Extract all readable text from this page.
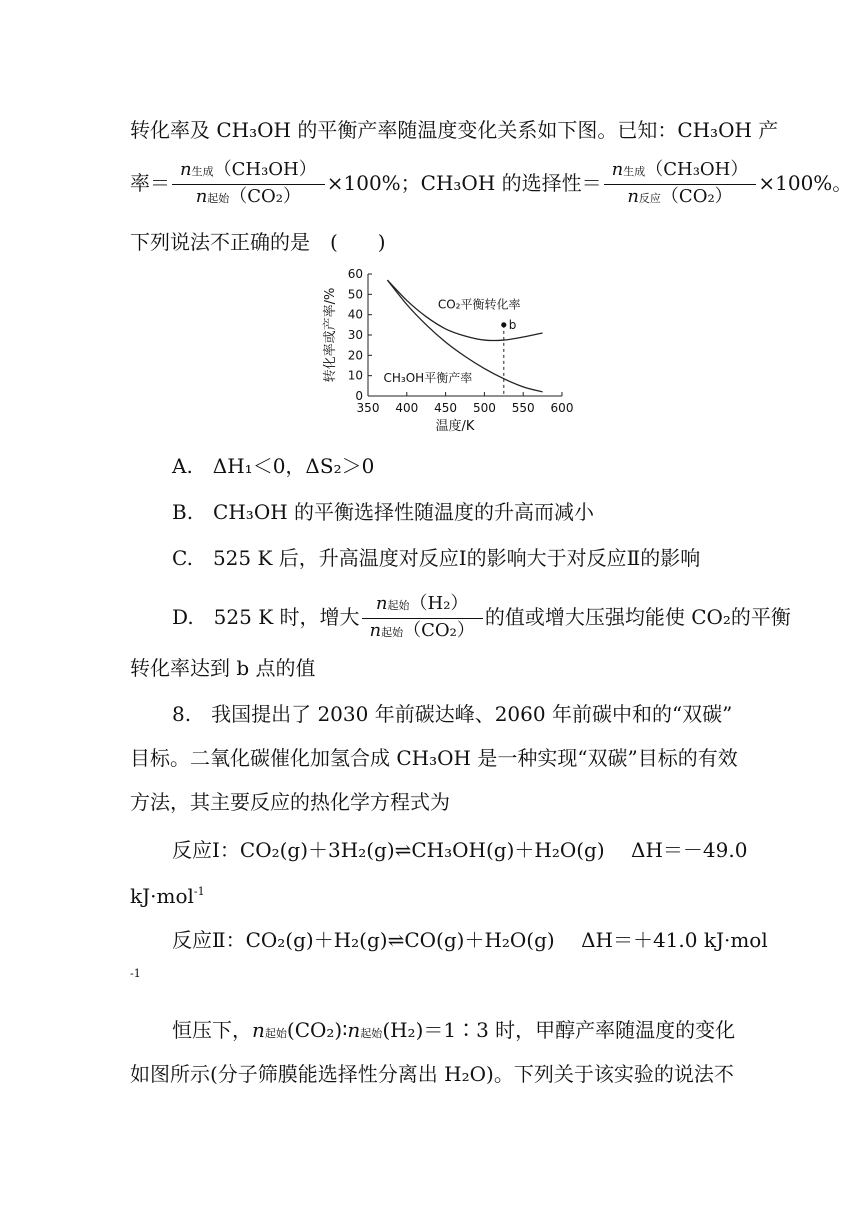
转化率及 CH₃OH 的平衡产率随温度变化关系如下图。已知：CH₃OH 产
率＝ $\frac{\text{n生成（CH₃OH）}}{\text{n起始（CO₂）}} \times 100\%$；CH₃OH 的选择性＝ $\frac{\text{n生成（CH₃OH）}}{\text{n反应（CO₂）}} \times 100\%$。
下列说法不正确的是　(　　)
350 400 450 500 550 600
0
10
20
30
40
50
60
CO₂平衡转化率
CH₃OH平衡产率
b
温度/K
转化率或产率/%
A.　ΔH₁＜0，ΔS₂＞0
B.　CH₃OH 的平衡选择性随温度的升高而减小
C.　525 K 后，升高温度对反应Ⅰ的影响大于对反应Ⅱ的影响
D.　525 K 时，增大 $\frac{\text{n起始（H₂）}}{\text{n起始（CO₂）}}$ 的值或增大压强均能使 CO₂的平衡
转化率达到 b 点的值
8.　我国提出了 2030 年前碳达峰、2060 年前碳中和的“双碳”
目标。二氧化碳催化加氢合成 CH₃OH 是一种实现“双碳”目标的有效
方法，其主要反应的热化学方程式为
反应Ⅰ：CO₂(g)＋3H₂(g)⇌CH₃OH(g)＋H₂O(g)　 ΔH＝－49.0
kJ·mol$^{-1}$
反应Ⅱ：CO₂(g)＋H₂(g)⇌CO(g)＋H₂O(g)　 ΔH＝＋41.0 kJ·mol
$^{-1}$
恒压下，n起始(CO₂)∶n起始(H₂)＝1∶3 时，甲醇产率随温度的变化
如图所示(分子筛膜能选择性分离出 H₂O)。下列关于该实验的说法不
